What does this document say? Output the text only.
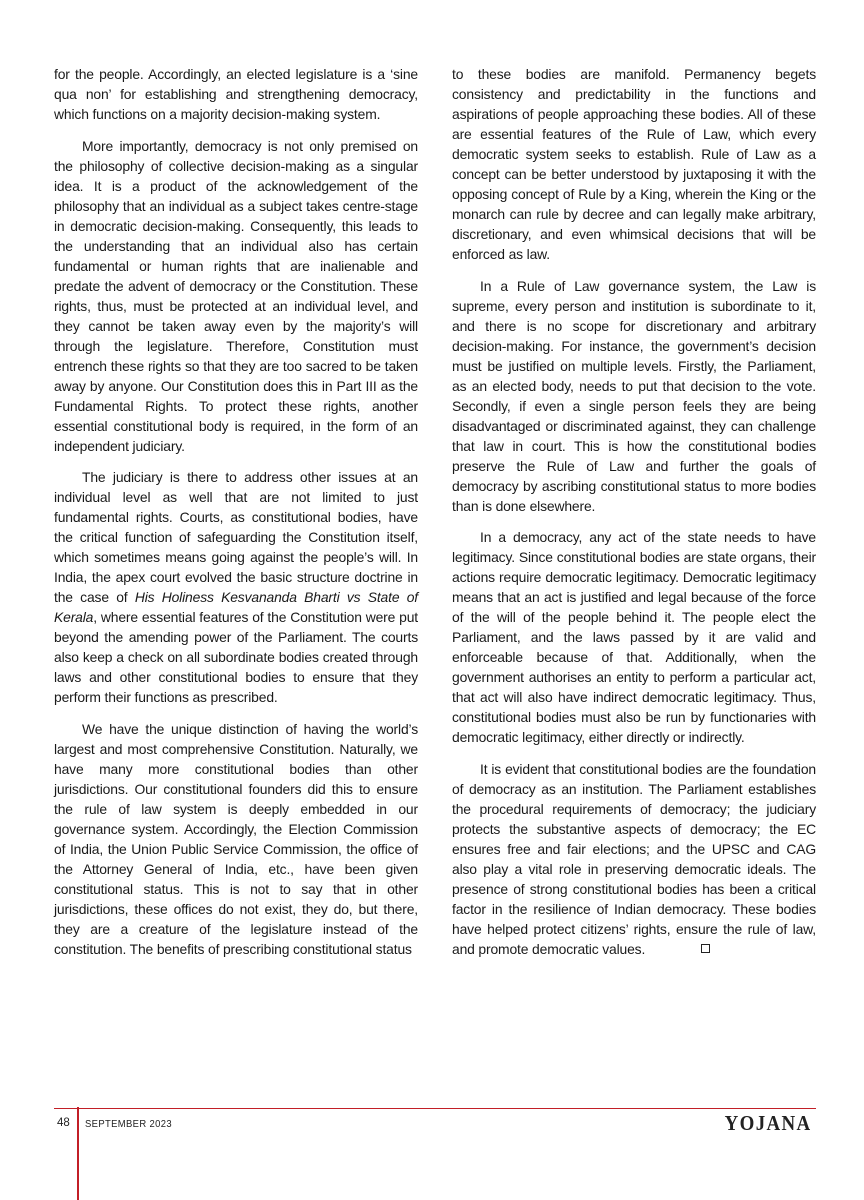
for the people. Accordingly, an elected legislature is a ‘sine qua non’ for establishing and strengthening democracy, which functions on a majority decision-making system.

More importantly, democracy is not only premised on the philosophy of collective decision-making as a singular idea. It is a product of the acknowledgement of the philosophy that an individual as a subject takes centre-stage in democratic decision-making. Consequently, this leads to the understanding that an individual also has certain fundamental or human rights that are inalienable and predate the advent of democracy or the Constitution. These rights, thus, must be protected at an individual level, and they cannot be taken away even by the majority’s will through the legislature. Therefore, Constitution must entrench these rights so that they are too sacred to be taken away by anyone. Our Constitution does this in Part III as the Fundamental Rights. To protect these rights, another essential constitutional body is required, in the form of an independent judiciary.

The judiciary is there to address other issues at an individual level as well that are not limited to just fundamental rights. Courts, as constitutional bodies, have the critical function of safeguarding the Constitution itself, which sometimes means going against the people’s will. In India, the apex court evolved the basic structure doctrine in the case of His Holiness Kesvananda Bharti vs State of Kerala, where essential features of the Constitution were put beyond the amending power of the Parliament. The courts also keep a check on all subordinate bodies created through laws and other constitutional bodies to ensure that they perform their functions as prescribed.

We have the unique distinction of having the world’s largest and most comprehensive Constitution. Naturally, we have many more constitutional bodies than other jurisdictions. Our constitutional founders did this to ensure the rule of law system is deeply embedded in our governance system. Accordingly, the Election Commission of India, the Union Public Service Commission, the office of the Attorney General of India, etc., have been given constitutional status. This is not to say that in other jurisdictions, these offices do not exist, they do, but there, they are a creature of the legislature instead of the constitution. The benefits of prescribing constitutional status

to these bodies are manifold. Permanency begets consistency and predictability in the functions and aspirations of people approaching these bodies. All of these are essential features of the Rule of Law, which every democratic system seeks to establish. Rule of Law as a concept can be better understood by juxtaposing it with the opposing concept of Rule by a King, wherein the King or the monarch can rule by decree and can legally make arbitrary, discretionary, and even whimsical decisions that will be enforced as law.

In a Rule of Law governance system, the Law is supreme, every person and institution is subordinate to it, and there is no scope for discretionary and arbitrary decision-making. For instance, the government’s decision must be justified on multiple levels. Firstly, the Parliament, as an elected body, needs to put that decision to the vote. Secondly, if even a single person feels they are being disadvantaged or discriminated against, they can challenge that law in court. This is how the constitutional bodies preserve the Rule of Law and further the goals of democracy by ascribing constitutional status to more bodies than is done elsewhere.

In a democracy, any act of the state needs to have legitimacy. Since constitutional bodies are state organs, their actions require democratic legitimacy. Democratic legitimacy means that an act is justified and legal because of the force of the will of the people behind it. The people elect the Parliament, and the laws passed by it are valid and enforceable because of that. Additionally, when the government authorises an entity to perform a particular act, that act will also have indirect democratic legitimacy. Thus, constitutional bodies must also be run by functionaries with democratic legitimacy, either directly or indirectly.

It is evident that constitutional bodies are the foundation of democracy as an institution. The Parliament establishes the procedural requirements of democracy; the judiciary protects the substantive aspects of democracy; the EC ensures free and fair elections; and the UPSC and CAG also play a vital role in preserving democratic ideals. The presence of strong constitutional bodies has been a critical factor in the resilience of Indian democracy. These bodies have helped protect citizens’ rights, ensure the rule of law, and promote democratic values.

48 SEPTEMBER 2023	YOJANA
